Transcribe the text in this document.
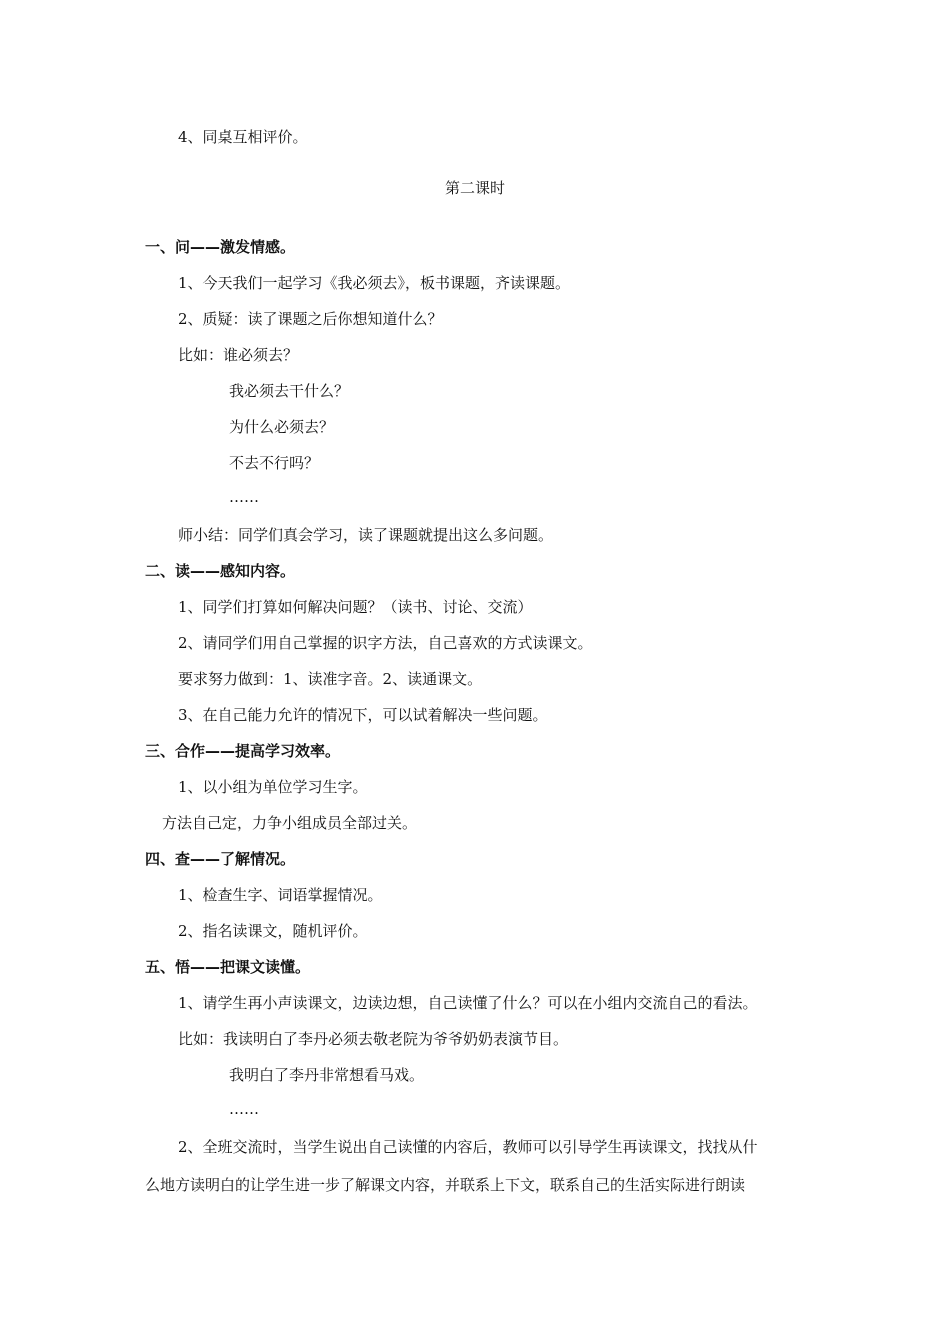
4、同桌互相评价。
第二课时
一、问——激发情感。
1、今天我们一起学习《我必须去》，板书课题，齐读课题。
2、质疑：读了课题之后你想知道什么？
比如：谁必须去？
我必须去干什么？
为什么必须去？
不去不行吗？
……
师小结：同学们真会学习，读了课题就提出这么多问题。
二、读——感知内容。
1、同学们打算如何解决问题？（读书、讨论、交流）
2、请同学们用自己掌握的识字方法，自己喜欢的方式读课文。
要求努力做到：1、读准字音。2、读通课文。
3、在自己能力允许的情况下，可以试着解决一些问题。
三、合作——提高学习效率。
1、以小组为单位学习生字。
方法自己定，力争小组成员全部过关。
四、查——了解情况。
1、检查生字、词语掌握情况。
2、指名读课文，随机评价。
五、悟——把课文读懂。
1、请学生再小声读课文，边读边想，自己读懂了什么？可以在小组内交流自己的看法。
比如：我读明白了李丹必须去敬老院为爷爷奶奶表演节目。
我明白了李丹非常想看马戏。
……
2、全班交流时，当学生说出自己读懂的内容后，教师可以引导学生再读课文，找找从什
么地方读明白的让学生进一步了解课文内容，并联系上下文，联系自己的生活实际进行朗读
